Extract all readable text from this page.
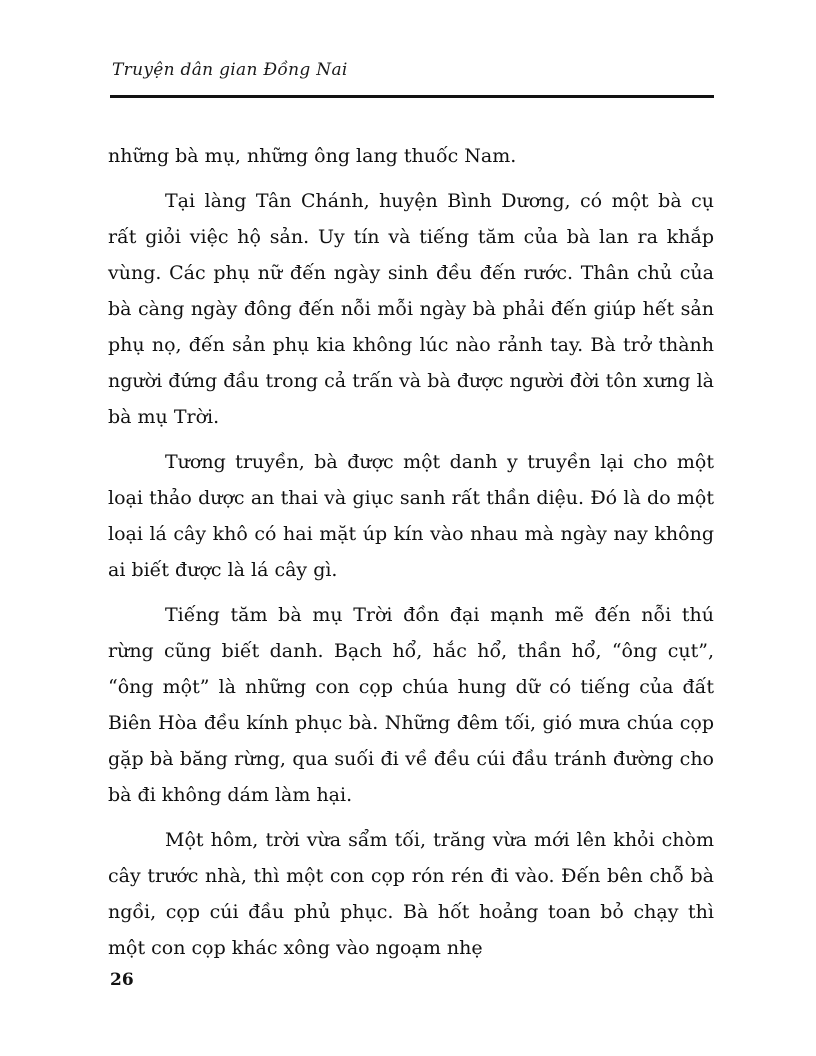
Truyện dân gian Đồng Nai

những bà mụ, những ông lang thuốc Nam.

Tại làng Tân Chánh, huyện Bình Dương, có một bà cụ rất giỏi việc hộ sản. Uy tín và tiếng tăm của bà lan ra khắp vùng. Các phụ nữ đến ngày sinh đều đến rước. Thân chủ của bà càng ngày đông đến nỗi mỗi ngày bà phải đến giúp hết sản phụ nọ, đến sản phụ kia không lúc nào rảnh tay. Bà trở thành người đứng đầu trong cả trấn và bà được người đời tôn xưng là bà mụ Trời.

Tương truyền, bà được một danh y truyền lại cho một loại thảo dược an thai và giục sanh rất thần diệu. Đó là do một loại lá cây khô có hai mặt úp kín vào nhau mà ngày nay không ai biết được là lá cây gì.

Tiếng tăm bà mụ Trời đồn đại mạnh mẽ đến nỗi thú rừng cũng biết danh. Bạch hổ, hắc hổ, thần hổ, “ông cụt”, “ông một” là những con cọp chúa hung dữ có tiếng của đất Biên Hòa đều kính phục bà. Những đêm tối, gió mưa chúa cọp gặp bà băng rừng, qua suối đi về đều cúi đầu tránh đường cho bà đi không dám làm hại.

Một hôm, trời vừa sẩm tối, trăng vừa mới lên khỏi chòm cây trước nhà, thì một con cọp rón rén đi vào. Đến bên chỗ bà ngồi, cọp cúi đầu phủ phục. Bà hốt hoảng toan bỏ chạy thì một con cọp khác xông vào ngoạm nhẹ

26
